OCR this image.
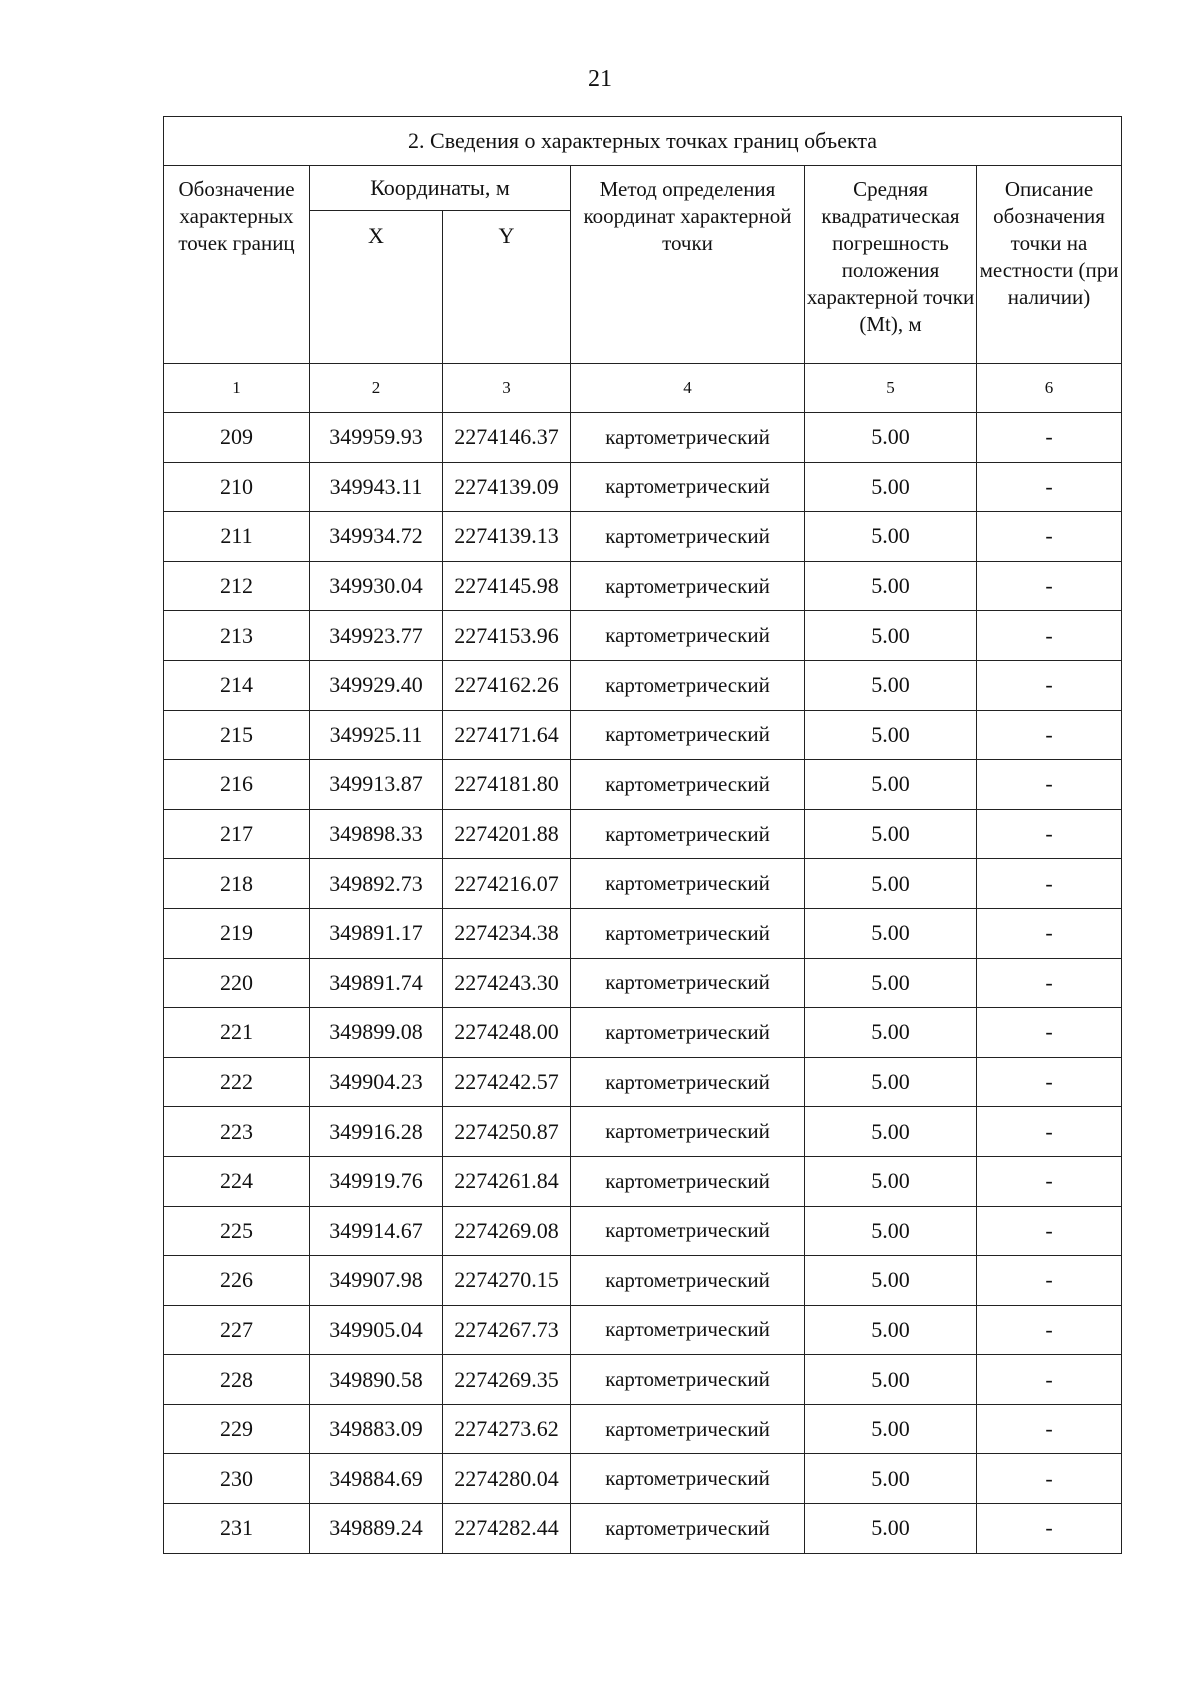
21
2. Сведения о характерных точках границ объекта					
Обозначение характерных точек границ	Координаты, м		Метод определения координат характерной точки	Средняя квадратическая погрешность положения характерной точки (Mt), м	Описание обозначения точки на местности (при наличии)
	X	Y			
1	2	3	4	5	6
209	349959.93	2274146.37	картометрический	5.00	-
210	349943.11	2274139.09	картометрический	5.00	-
211	349934.72	2274139.13	картометрический	5.00	-
212	349930.04	2274145.98	картометрический	5.00	-
213	349923.77	2274153.96	картометрический	5.00	-
214	349929.40	2274162.26	картометрический	5.00	-
215	349925.11	2274171.64	картометрический	5.00	-
216	349913.87	2274181.80	картометрический	5.00	-
217	349898.33	2274201.88	картометрический	5.00	-
218	349892.73	2274216.07	картометрический	5.00	-
219	349891.17	2274234.38	картометрический	5.00	-
220	349891.74	2274243.30	картометрический	5.00	-
221	349899.08	2274248.00	картометрический	5.00	-
222	349904.23	2274242.57	картометрический	5.00	-
223	349916.28	2274250.87	картометрический	5.00	-
224	349919.76	2274261.84	картометрический	5.00	-
225	349914.67	2274269.08	картометрический	5.00	-
226	349907.98	2274270.15	картометрический	5.00	-
227	349905.04	2274267.73	картометрический	5.00	-
228	349890.58	2274269.35	картометрический	5.00	-
229	349883.09	2274273.62	картометрический	5.00	-
230	349884.69	2274280.04	картометрический	5.00	-
231	349889.24	2274282.44	картометрический	5.00	-
